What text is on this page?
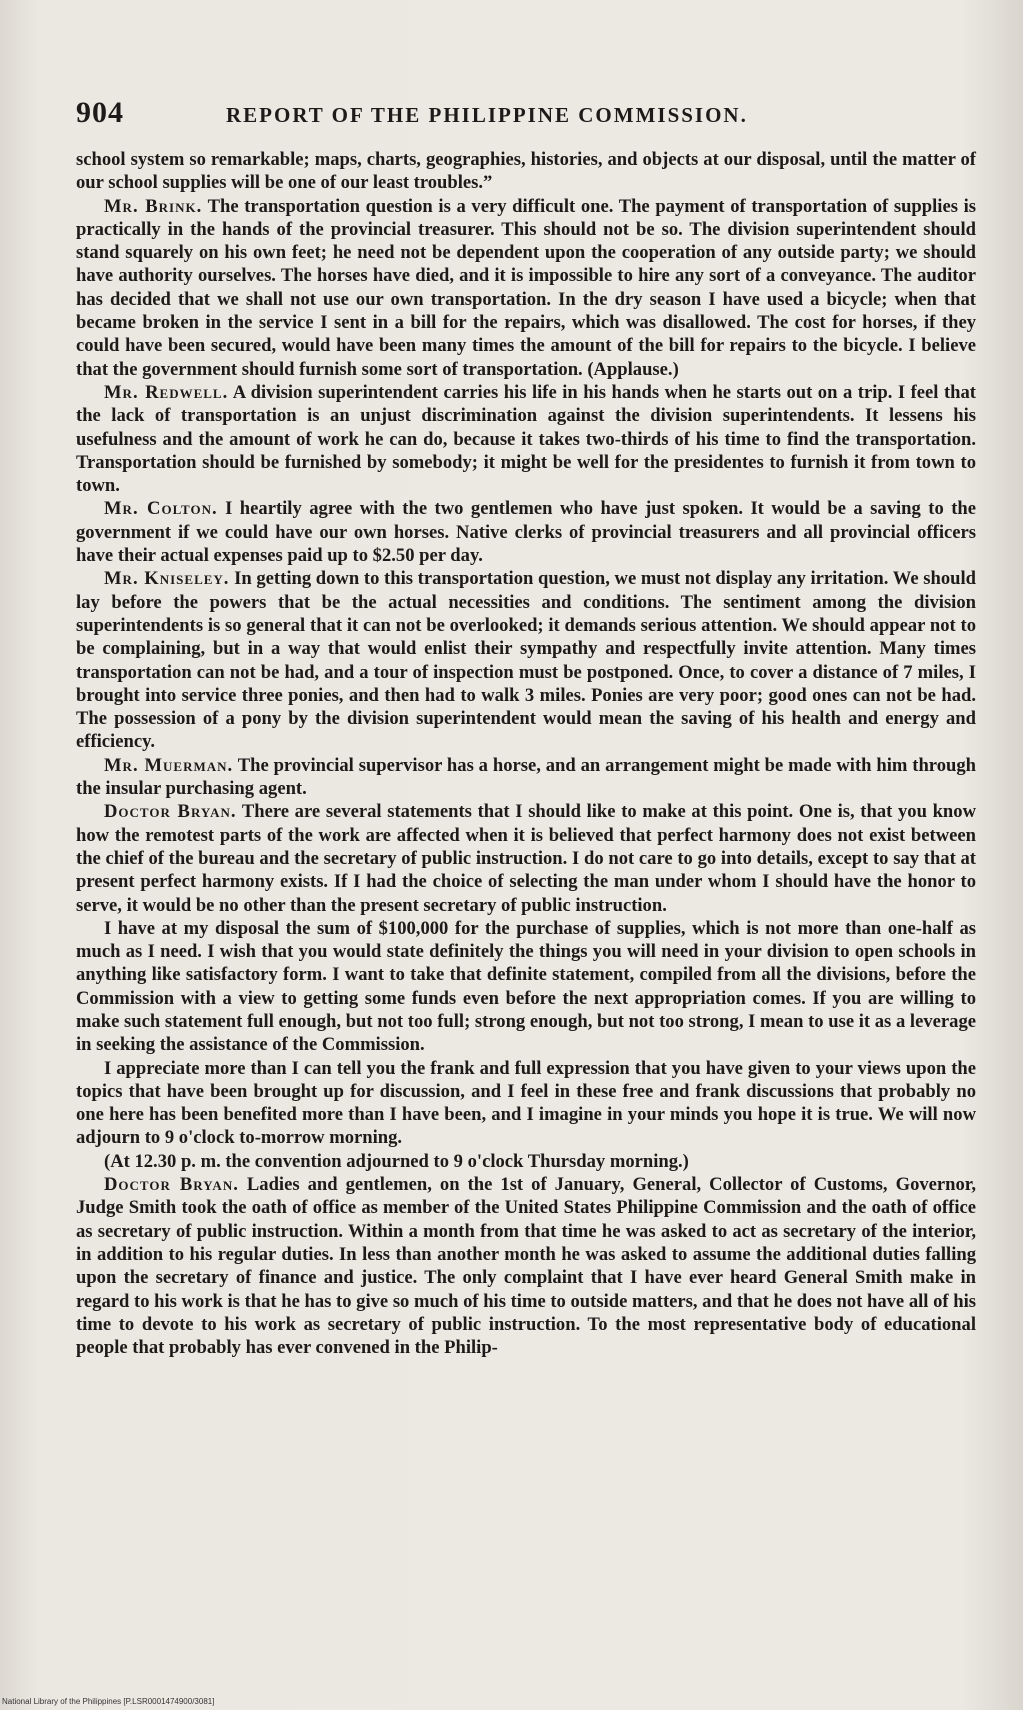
904	REPORT OF THE PHILIPPINE COMMISSION.

school system so remarkable; maps, charts, geographies, histories, and objects at our disposal, until the matter of our school supplies will be one of our least troubles.”

Mr. Brink. The transportation question is a very difficult one. The payment of transportation of supplies is practically in the hands of the provincial treasurer. This should not be so. The division superintendent should stand squarely on his own feet; he need not be dependent upon the cooperation of any outside party; we should have authority ourselves. The horses have died, and it is impossible to hire any sort of a conveyance. The auditor has decided that we shall not use our own transportation. In the dry season I have used a bicycle; when that became broken in the service I sent in a bill for the repairs, which was disallowed. The cost for horses, if they could have been secured, would have been many times the amount of the bill for repairs to the bicycle. I believe that the government should furnish some sort of transportation. (Applause.)

Mr. Redwell. A division superintendent carries his life in his hands when he starts out on a trip. I feel that the lack of transportation is an unjust discrimination against the division superintendents. It lessens his usefulness and the amount of work he can do, because it takes two-thirds of his time to find the transportation. Transportation should be furnished by somebody; it might be well for the presidentes to furnish it from town to town.

Mr. Colton. I heartily agree with the two gentlemen who have just spoken. It would be a saving to the government if we could have our own horses. Native clerks of provincial treasurers and all provincial officers have their actual expenses paid up to $2.50 per day.

Mr. Kniseley. In getting down to this transportation question, we must not display any irritation. We should lay before the powers that be the actual necessities and conditions. The sentiment among the division superintendents is so general that it can not be overlooked; it demands serious attention. We should appear not to be complaining, but in a way that would enlist their sympathy and respectfully invite attention. Many times transportation can not be had, and a tour of inspection must be postponed. Once, to cover a distance of 7 miles, I brought into service three ponies, and then had to walk 3 miles. Ponies are very poor; good ones can not be had. The possession of a pony by the division superintendent would mean the saving of his health and energy and efficiency.

Mr. Muerman. The provincial supervisor has a horse, and an arrangement might be made with him through the insular purchasing agent.

Doctor Bryan. There are several statements that I should like to make at this point. One is, that you know how the remotest parts of the work are affected when it is believed that perfect harmony does not exist between the chief of the bureau and the secretary of public instruction. I do not care to go into details, except to say that at present perfect harmony exists. If I had the choice of selecting the man under whom I should have the honor to serve, it would be no other than the present secretary of public instruction.

I have at my disposal the sum of $100,000 for the purchase of supplies, which is not more than one-half as much as I need. I wish that you would state definitely the things you will need in your division to open schools in anything like satisfactory form. I want to take that definite statement, compiled from all the divisions, before the Commission with a view to getting some funds even before the next appropriation comes. If you are willing to make such statement full enough, but not too full; strong enough, but not too strong, I mean to use it as a leverage in seeking the assistance of the Commission.

I appreciate more than I can tell you the frank and full expression that you have given to your views upon the topics that have been brought up for discussion, and I feel in these free and frank discussions that probably no one here has been benefited more than I have been, and I imagine in your minds you hope it is true. We will now adjourn to 9 o'clock to-morrow morning.

(At 12.30 p. m. the convention adjourned to 9 o'clock Thursday morning.)

Doctor Bryan. Ladies and gentlemen, on the 1st of January, General, Collector of Customs, Governor, Judge Smith took the oath of office as member of the United States Philippine Commission and the oath of office as secretary of public instruction. Within a month from that time he was asked to act as secretary of the interior, in addition to his regular duties. In less than another month he was asked to assume the additional duties falling upon the secretary of finance and justice. The only complaint that I have ever heard General Smith make in regard to his work is that he has to give so much of his time to outside matters, and that he does not have all of his time to devote to his work as secretary of public instruction. To the most representative body of educational people that probably has ever convened in the Philip-

National Library of the Philippines [P.LSR0001474900/3081]
